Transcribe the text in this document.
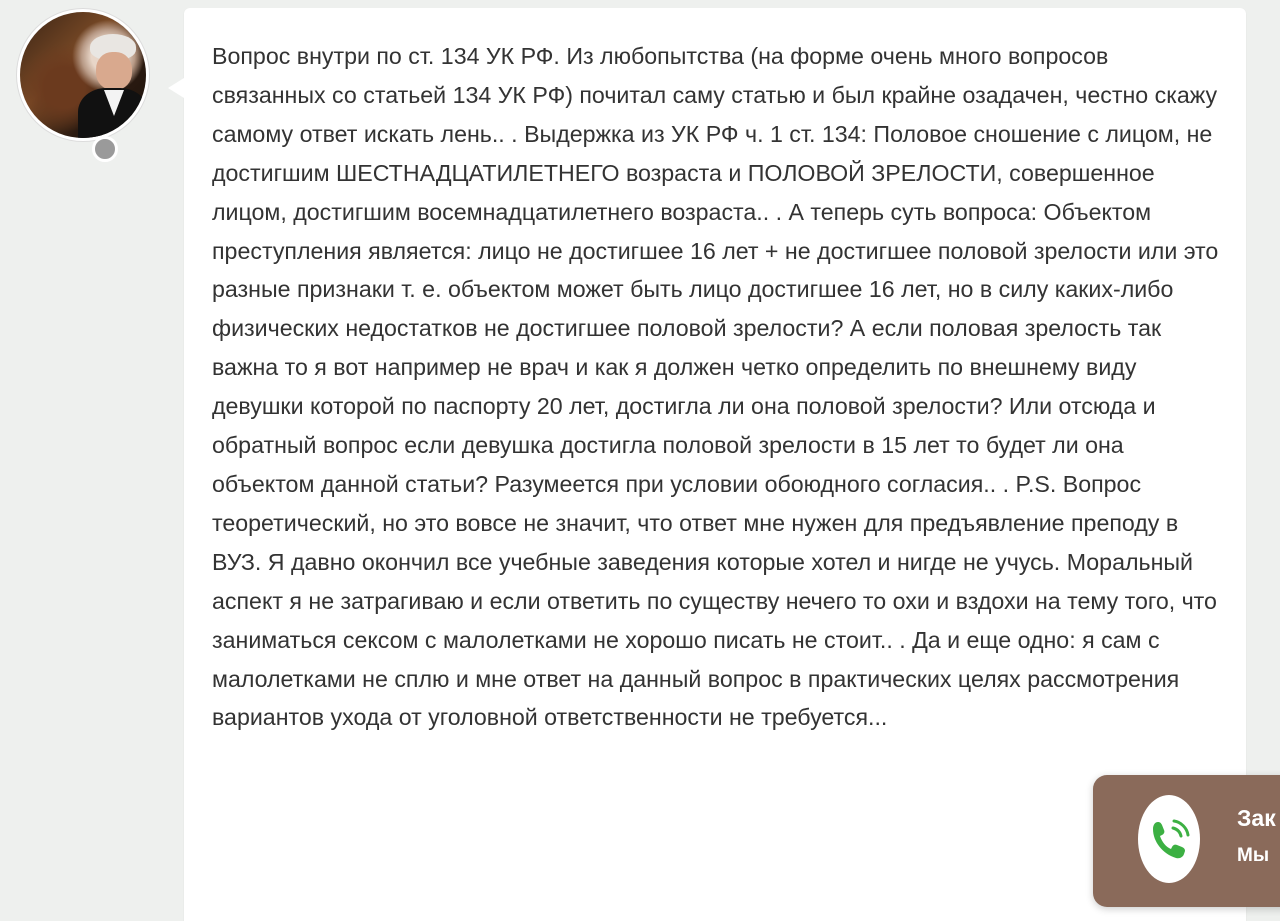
Вопрос внутри по ст. 134 УК РФ. Из любопытства (на форме очень много вопросов связанных со статьей 134 УК РФ) почитал саму статью и был крайне озадачен, честно скажу самому ответ искать лень.. . Выдержка из УК РФ ч. 1 ст. 134: Половое сношение с лицом, не достигшим ШЕСТНАДЦАТИЛЕТНЕГО возраста и ПОЛОВОЙ ЗРЕЛОСТИ, совершенное лицом, достигшим восемнадцатилетнего возраста.. . А теперь суть вопроса: Объектом преступления является: лицо не достигшее 16 лет + не достигшее половой зрелости или это разные признаки т. е. объектом может быть лицо достигшее 16 лет, но в силу каких-либо физических недостатков не достигшее половой зрелости? А если половая зрелость так важна то я вот например не врач и как я должен четко определить по внешнему виду девушки которой по паспорту 20 лет, достигла ли она половой зрелости? Или отсюда и обратный вопрос если девушка достигла половой зрелости в 15 лет то будет ли она объектом данной статьи? Разумеется при условии обоюдного согласия.. . P.S. Вопрос теоретический, но это вовсе не значит, что ответ мне нужен для предъявление преподу в ВУЗ. Я давно окончил все учебные заведения которые хотел и нигде не учусь. Моральный аспект я не затрагиваю и если ответить по существу нечего то охи и вздохи на тему того, что заниматься сексом с малолетками не хорошо писать не стоит.. . Да и еще одно: я сам с малолетками не сплю и мне ответ на данный вопрос в практических целях рассмотрения вариантов ухода от уголовной ответственности не требуется...

Зак
Мы
